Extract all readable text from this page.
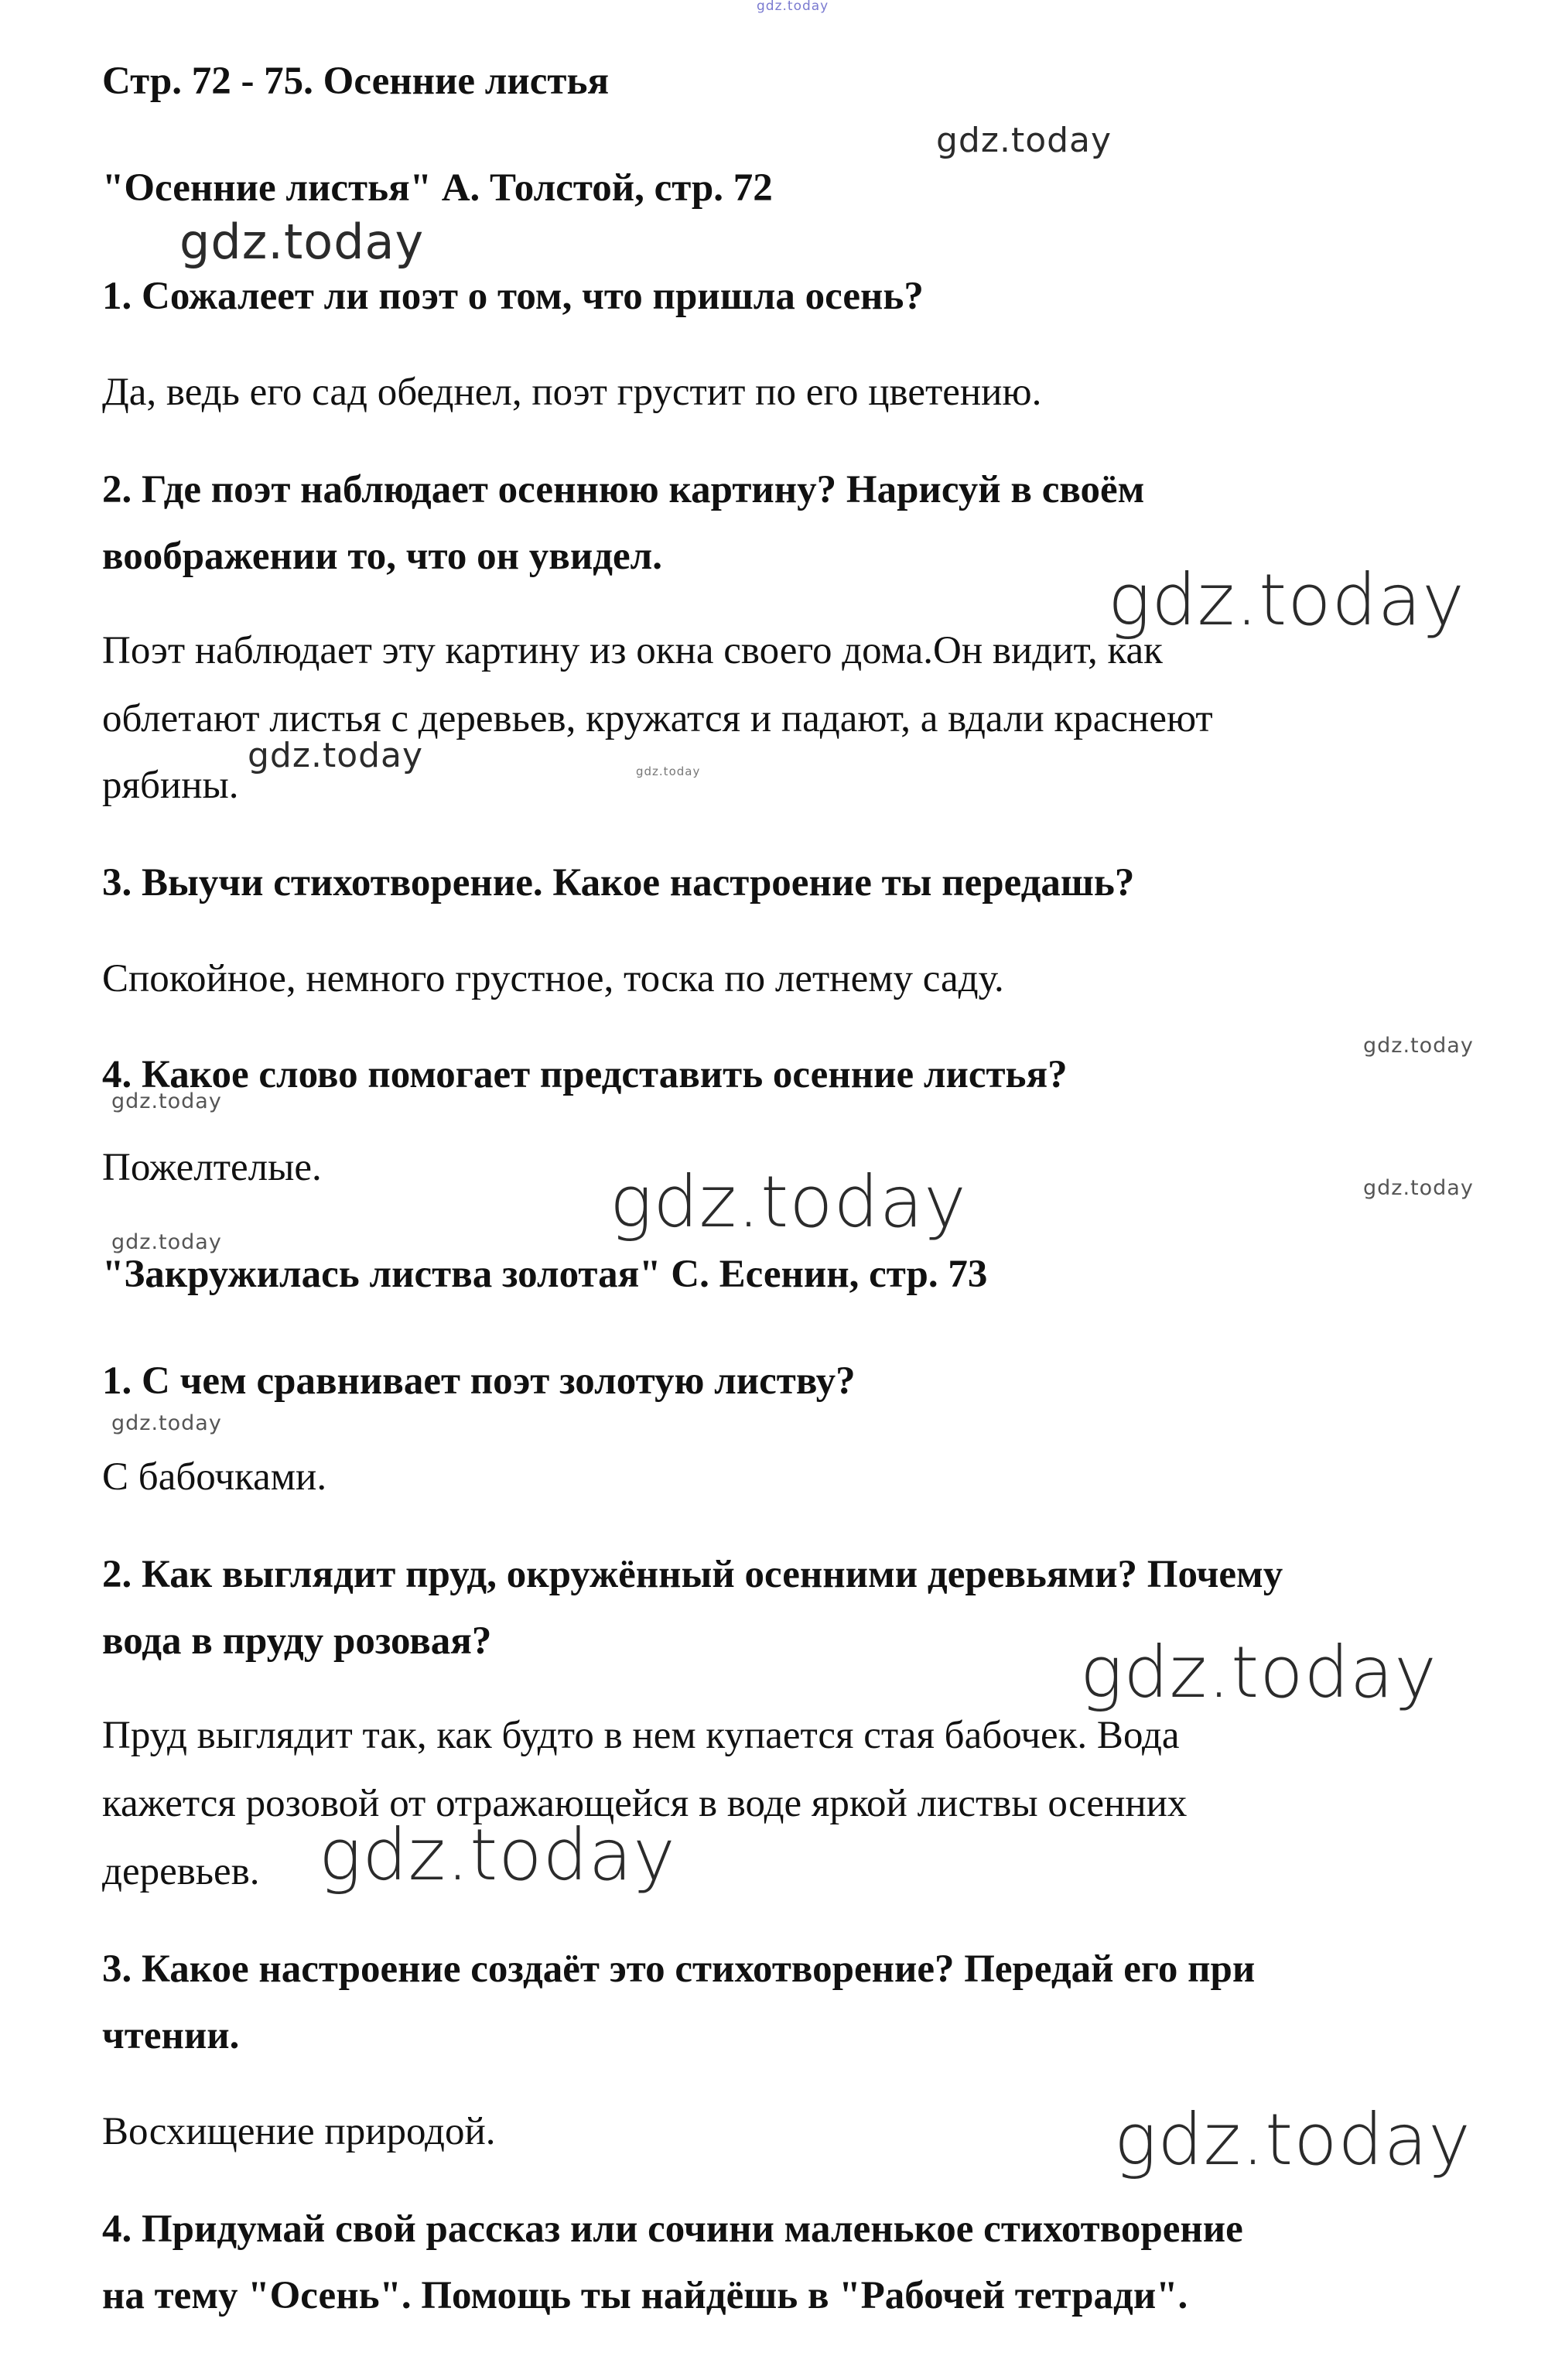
gdz.today
gdz.today
gdz.today
gdz.today
gdz.today	gdz.today
gdz.today
gdz.today
gdz.today	gdz.today
gdz.today
gdz.today
gdz.today
gdz.today
gdz.today
Стр. 72 - 75. Осенние листья
"Осенние листья" А. Толстой, стр. 72
1. Сожалеет ли поэт о том, что пришла осень?
Да, ведь его сад обеднел, поэт грустит по его цветению.
2. Где поэт наблюдает осеннюю картину? Нарисуй в своём
воображении то, что он увидел.
Поэт наблюдает эту картину из окна своего дома.Он видит, как
облетают листья с деревьев, кружатся и падают, а вдали краснеют
рябины.
3. Выучи стихотворение. Какое настроение ты передашь?
Спокойное, немного грустное, тоска по летнему саду.
4. Какое слово помогает представить осенние листья?
Пожелтелые.
"Закружилась листва золотая" С. Есенин, стр. 73
1. С чем сравнивает поэт золотую листву?
С бабочками.
2. Как выглядит пруд, окружённый осенними деревьями? Почему
вода в пруду розовая?
Пруд выглядит так, как будто в нем купается стая бабочек. Вода
кажется розовой от отражающейся в воде яркой листвы осенних
деревьев.
3. Какое настроение создаёт это стихотворение? Передай его при
чтении.
Восхищение природой.
4. Придумай свой рассказ или сочини маленькое стихотворение
на тему "Осень". Помощь ты найдёшь в "Рабочей тетради".
